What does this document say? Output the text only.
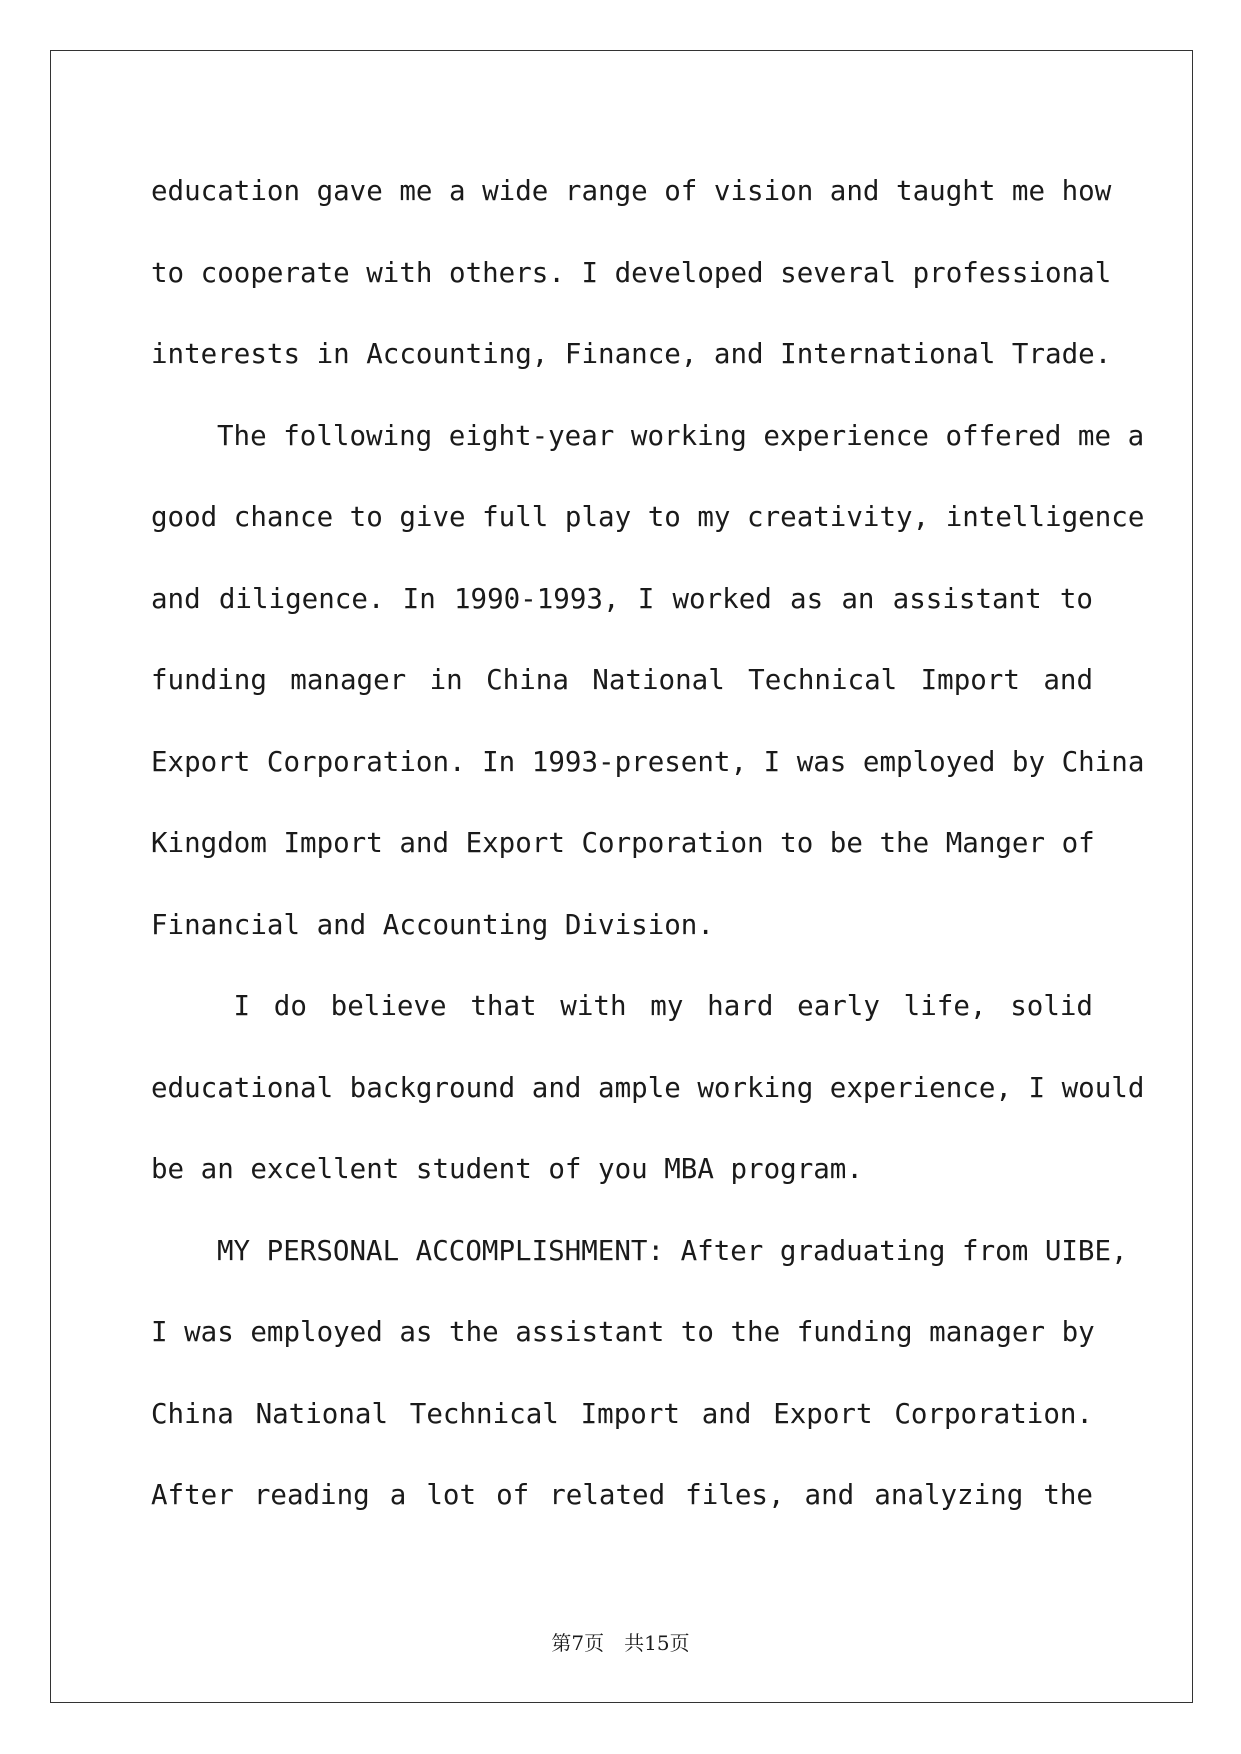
education gave me a wide range of vision and taught me how
to cooperate with others. I developed several professional
interests in Accounting, Finance, and International Trade.
The following eight-year working experience offered me a
good chance to give full play to my creativity, intelligence
and diligence. In 1990-1993, I worked as an assistant to
funding manager in China National Technical Import and
Export Corporation. In 1993-present, I was employed by China
Kingdom Import and Export Corporation to be the Manger of
Financial and Accounting Division.
I do believe that with my hard early life, solid
educational background and ample working experience, I would
be an excellent student of you MBA program.
MY PERSONAL ACCOMPLISHMENT: After graduating from UIBE,
I was employed as the assistant to the funding manager by
China National Technical Import and Export Corporation.
After reading a lot of related files, and analyzing the
第7页　共15页
